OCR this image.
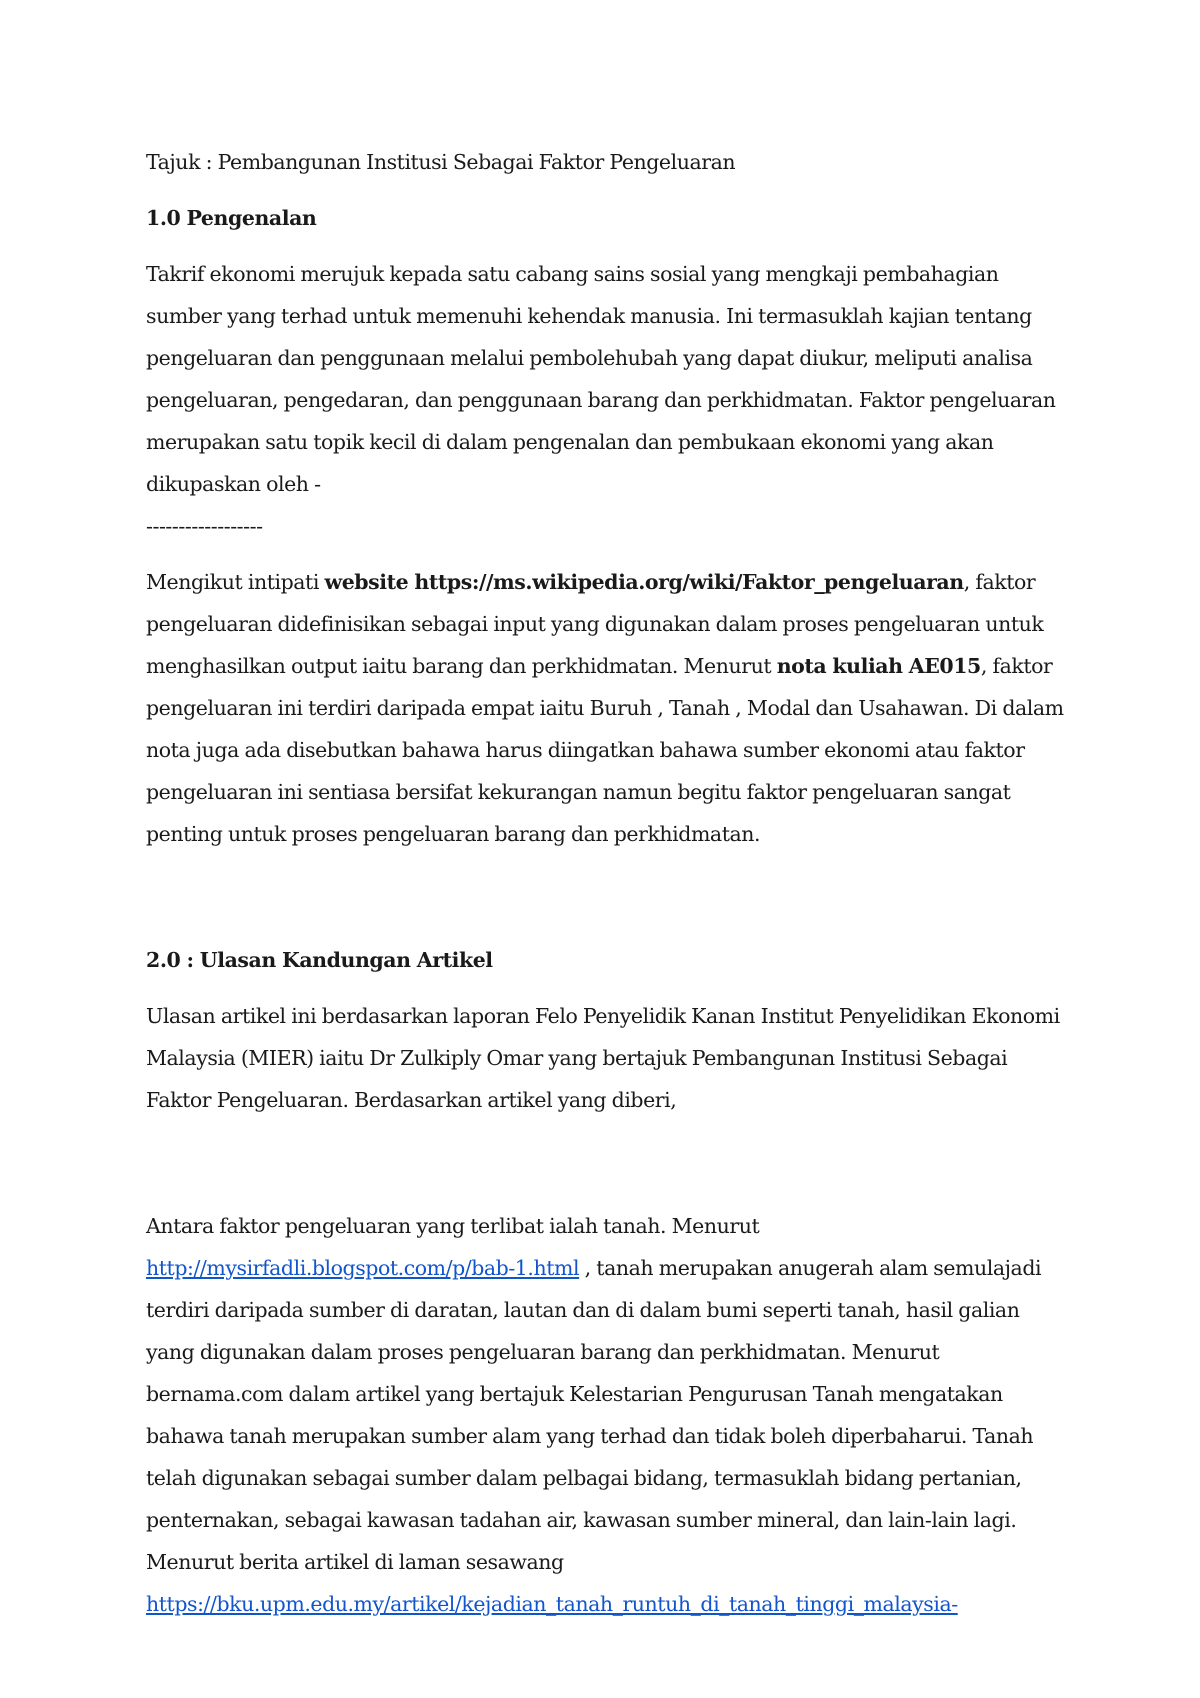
Tajuk : Pembangunan Institusi Sebagai Faktor Pengeluaran

1.0 Pengenalan

Takrif ekonomi merujuk kepada satu cabang sains sosial yang mengkaji pembahagian sumber yang terhad untuk memenuhi kehendak manusia. Ini termasuklah kajian tentang pengeluaran dan penggunaan melalui pembolehubah yang dapat diukur, meliputi analisa pengeluaran, pengedaran, dan penggunaan barang dan perkhidmatan. Faktor pengeluaran merupakan satu topik kecil di dalam pengenalan dan pembukaan ekonomi yang akan dikupaskan oleh -
------------------

Mengikut intipati website https://ms.wikipedia.org/wiki/Faktor_pengeluaran, faktor pengeluaran didefinisikan sebagai input yang digunakan dalam proses pengeluaran untuk menghasilkan output iaitu barang dan perkhidmatan. Menurut nota kuliah AE015, faktor pengeluaran ini terdiri daripada empat iaitu Buruh , Tanah , Modal dan Usahawan. Di dalam nota juga ada disebutkan bahawa harus diingatkan bahawa sumber ekonomi atau faktor pengeluaran ini sentiasa bersifat kekurangan namun begitu faktor pengeluaran sangat penting untuk proses pengeluaran barang dan perkhidmatan.

2.0 : Ulasan Kandungan Artikel

Ulasan artikel ini berdasarkan laporan Felo Penyelidik Kanan Institut Penyelidikan Ekonomi Malaysia (MIER) iaitu Dr Zulkiply Omar yang bertajuk Pembangunan Institusi Sebagai Faktor Pengeluaran. Berdasarkan artikel yang diberi,

Antara faktor pengeluaran yang terlibat ialah tanah. Menurut
http://mysirfadli.blogspot.com/p/bab-1.html , tanah merupakan anugerah alam semulajadi terdiri daripada sumber di daratan, lautan dan di dalam bumi seperti tanah, hasil galian yang digunakan dalam proses pengeluaran barang dan perkhidmatan. Menurut bernama.com dalam artikel yang bertajuk Kelestarian Pengurusan Tanah mengatakan bahawa tanah merupakan sumber alam yang terhad dan tidak boleh diperbaharui. Tanah telah digunakan sebagai sumber dalam pelbagai bidang, termasuklah bidang pertanian, penternakan, sebagai kawasan tadahan air, kawasan sumber mineral, dan lain-lain lagi. Menurut berita artikel di laman sesawang https://bku.upm.edu.my/artikel/kejadian_tanah_runtuh_di_tanah_tinggi_malaysia-
